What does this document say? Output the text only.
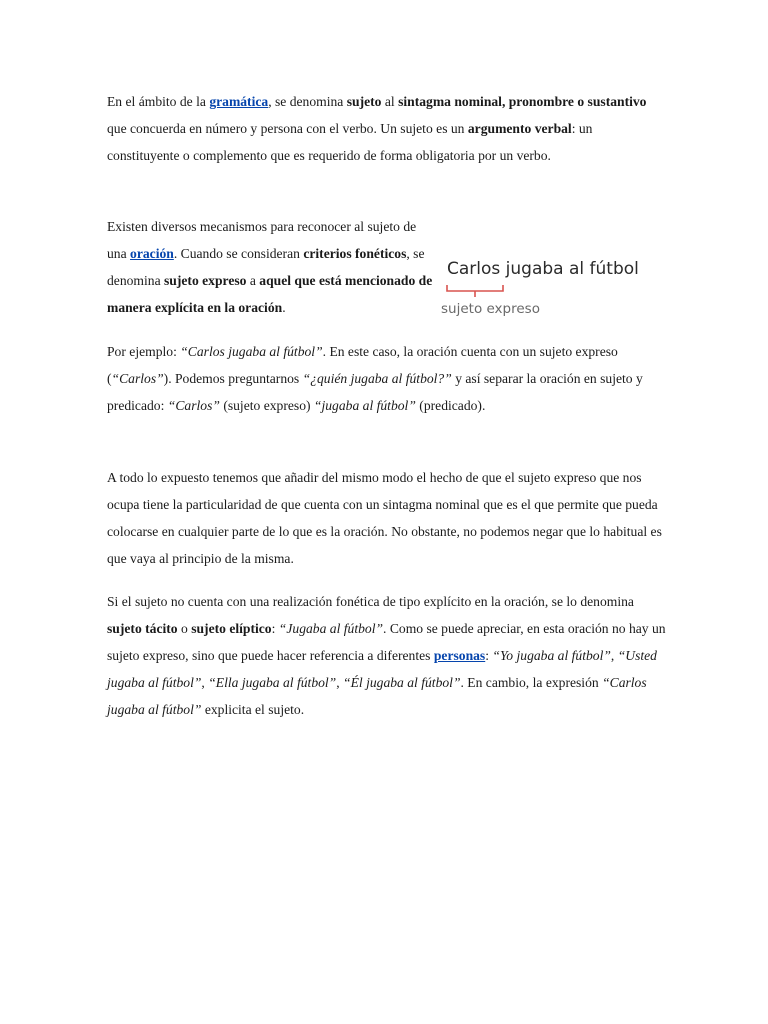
En el ámbito de la gramática, se denomina sujeto al sintagma nominal, pronombre o sustantivo que concuerda en número y persona con el verbo. Un sujeto es un argumento verbal: un constituyente o complemento que es requerido de forma obligatoria por un verbo.

Existen diversos mecanismos para reconocer al sujeto de una oración. Cuando se consideran criterios fonéticos, se denomina sujeto expreso a aquel que está mencionado de manera explícita en la oración.

Carlos jugaba al fútbol
sujeto expreso

Por ejemplo: “Carlos jugaba al fútbol”. En este caso, la oración cuenta con un sujeto expreso (“Carlos”). Podemos preguntarnos “¿quién jugaba al fútbol?” y así separar la oración en sujeto y predicado: “Carlos” (sujeto expreso) “jugaba al fútbol” (predicado).

A todo lo expuesto tenemos que añadir del mismo modo el hecho de que el sujeto expreso que nos ocupa tiene la particularidad de que cuenta con un sintagma nominal que es el que permite que pueda colocarse en cualquier parte de lo que es la oración. No obstante, no podemos negar que lo habitual es que vaya al principio de la misma.

Si el sujeto no cuenta con una realización fonética de tipo explícito en la oración, se lo denomina sujeto tácito o sujeto elíptico: “Jugaba al fútbol”. Como se puede apreciar, en esta oración no hay un sujeto expreso, sino que puede hacer referencia a diferentes personas: “Yo jugaba al fútbol”, “Usted jugaba al fútbol”, “Ella jugaba al fútbol”, “Él jugaba al fútbol”. En cambio, la expresión “Carlos jugaba al fútbol” explicita el sujeto.
